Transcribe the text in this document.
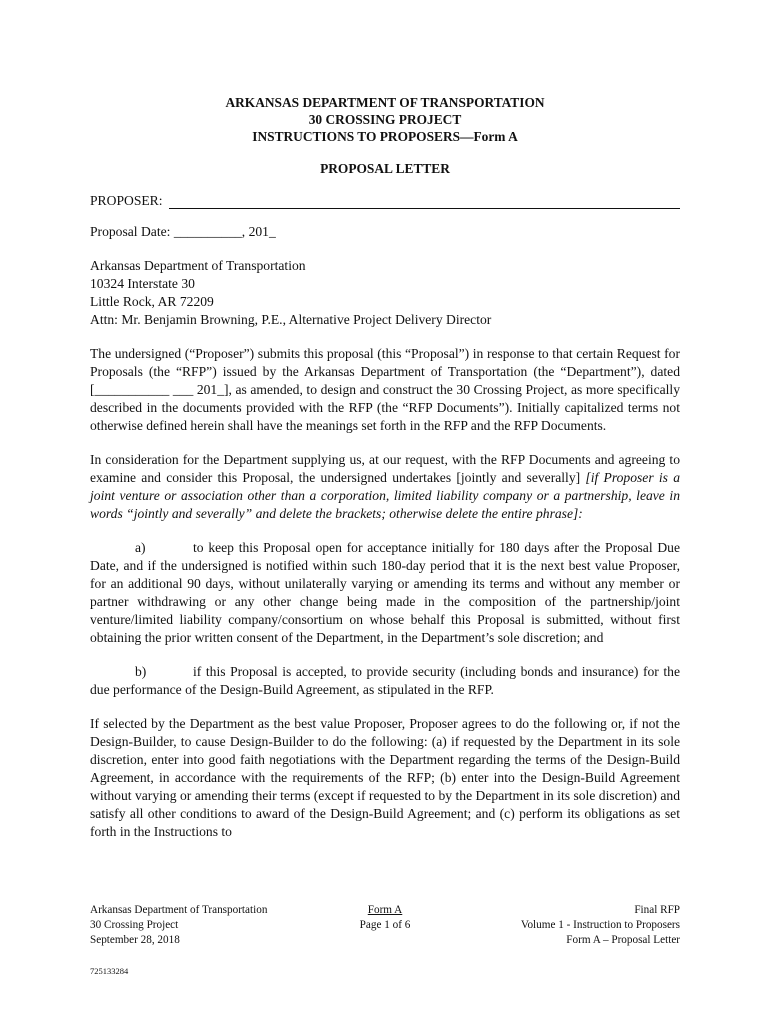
ARKANSAS DEPARTMENT OF TRANSPORTATION
30 CROSSING PROJECT
INSTRUCTIONS TO PROPOSERS—Form A
PROPOSAL LETTER
PROPOSER:

Proposal Date: __________, 201_

Arkansas Department of Transportation
10324 Interstate 30
Little Rock, AR 72209
Attn: Mr. Benjamin Browning, P.E., Alternative Project Delivery Director

The undersigned (“Proposer”) submits this proposal (this “Proposal”) in response to that certain Request for Proposals (the “RFP”) issued by the Arkansas Department of Transportation (the “Department”), dated [___________ ___ 201_], as amended, to design and construct the 30 Crossing Project, as more specifically described in the documents provided with the RFP (the “RFP Documents”). Initially capitalized terms not otherwise defined herein shall have the meanings set forth in the RFP and the RFP Documents.

In consideration for the Department supplying us, at our request, with the RFP Documents and agreeing to examine and consider this Proposal, the undersigned undertakes [jointly and severally] [if Proposer is a joint venture or association other than a corporation, limited liability company or a partnership, leave in words “jointly and severally” and delete the brackets; otherwise delete the entire phrase]:

a)	to keep this Proposal open for acceptance initially for 180 days after the Proposal Due Date, and if the undersigned is notified within such 180-day period that it is the next best value Proposer, for an additional 90 days, without unilaterally varying or amending its terms and without any member or partner withdrawing or any other change being made in the composition of the partnership/joint venture/limited liability company/consortium on whose behalf this Proposal is submitted, without first obtaining the prior written consent of the Department, in the Department’s sole discretion; and

b)	if this Proposal is accepted, to provide security (including bonds and insurance) for the due performance of the Design-Build Agreement, as stipulated in the RFP.

If selected by the Department as the best value Proposer, Proposer agrees to do the following or, if not the Design-Builder, to cause Design-Builder to do the following: (a) if requested by the Department in its sole discretion, enter into good faith negotiations with the Department regarding the terms of the Design-Build Agreement, in accordance with the requirements of the RFP; (b) enter into the Design-Build Agreement without varying or amending their terms (except if requested to by the Department in its sole discretion) and satisfy all other conditions to award of the Design-Build Agreement; and (c) perform its obligations as set forth in the Instructions to

Arkansas Department of Transportation
30 Crossing Project
September 28, 2018
Form A
Page 1 of 6
Final RFP
Volume 1 - Instruction to Proposers
Form A – Proposal Letter
725133284
